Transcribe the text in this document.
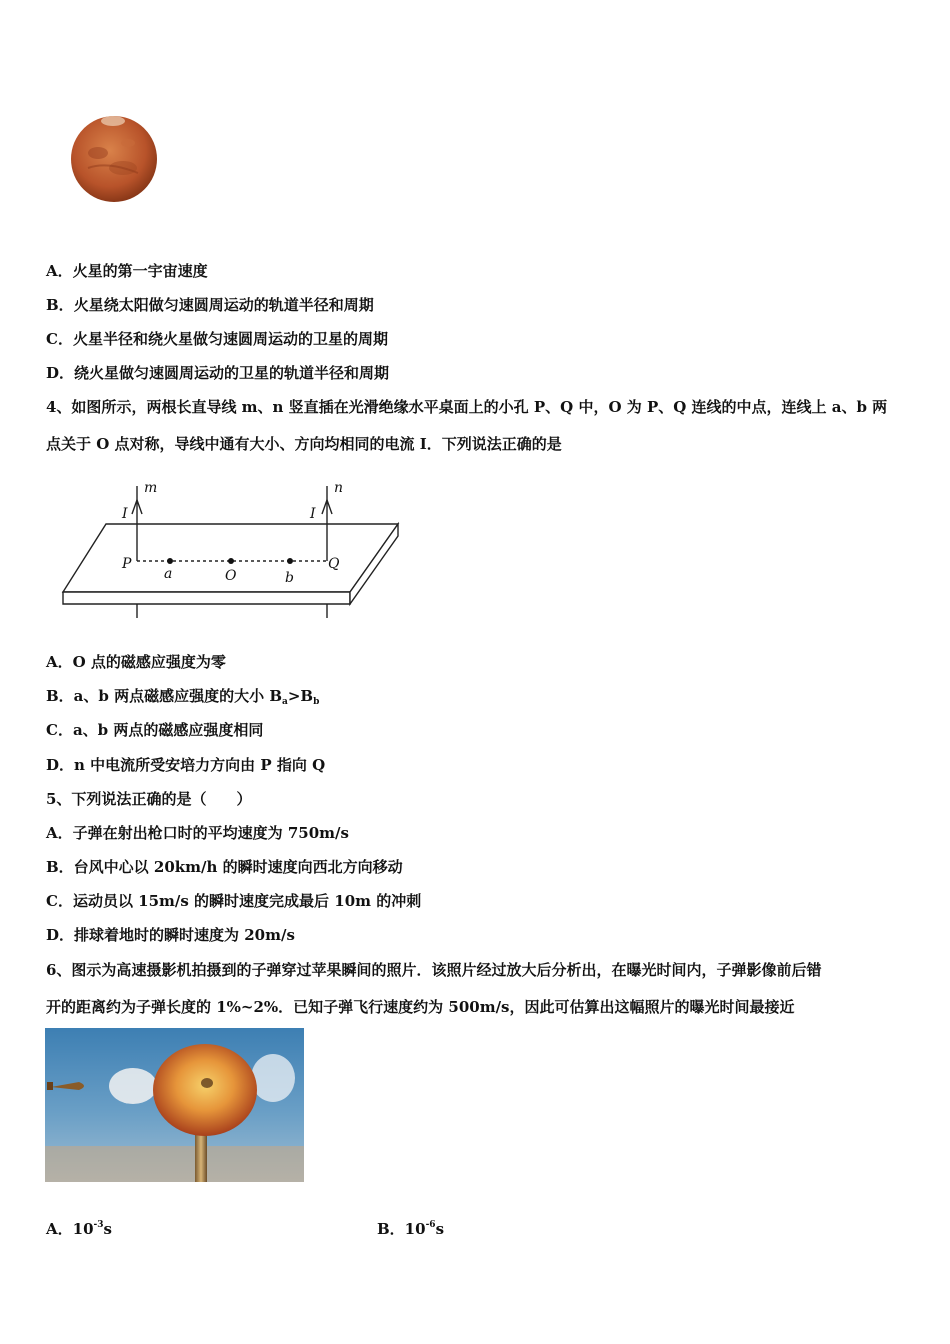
A．火星的第一宇宙速度
B．火星绕太阳做匀速圆周运动的轨道半径和周期
C．火星半径和绕火星做匀速圆周运动的卫星的周期
D．绕火星做匀速圆周运动的卫星的轨道半径和周期
4、如图所示，两根长直导线 m、n 竖直插在光滑绝缘水平桌面上的小孔 P、Q 中，O 为 P、Q 连线的中点，连线上 a、b 两
点关于 O 点对称，导线中通有大小、方向均相同的电流 I．下列说法正确的是
m	n
I	I
P	Q
a	O	b
A．O 点的磁感应强度为零
B．a、b 两点磁感应强度的大小 $B_a>B_b$
C．a、b 两点的磁感应强度相同
D．n 中电流所受安培力方向由 P 指向 Q
5、下列说法正确的是（　　）
A．子弹在射出枪口时的平均速度为 750m/s
B．台风中心以 20km/h 的瞬时速度向西北方向移动
C．运动员以 15m/s 的瞬时速度完成最后 10m 的冲刺
D．排球着地时的瞬时速度为 20m/s
6、图示为高速摄影机拍摄到的子弹穿过苹果瞬间的照片．该照片经过放大后分析出，在曝光时间内，子弹影像前后错
开的距离约为子弹长度的 1%~2%．已知子弹飞行速度约为 500m/s，因此可估算出这幅照片的曝光时间最接近
A．$10^{-3}s$	B．$10^{-6}s$
